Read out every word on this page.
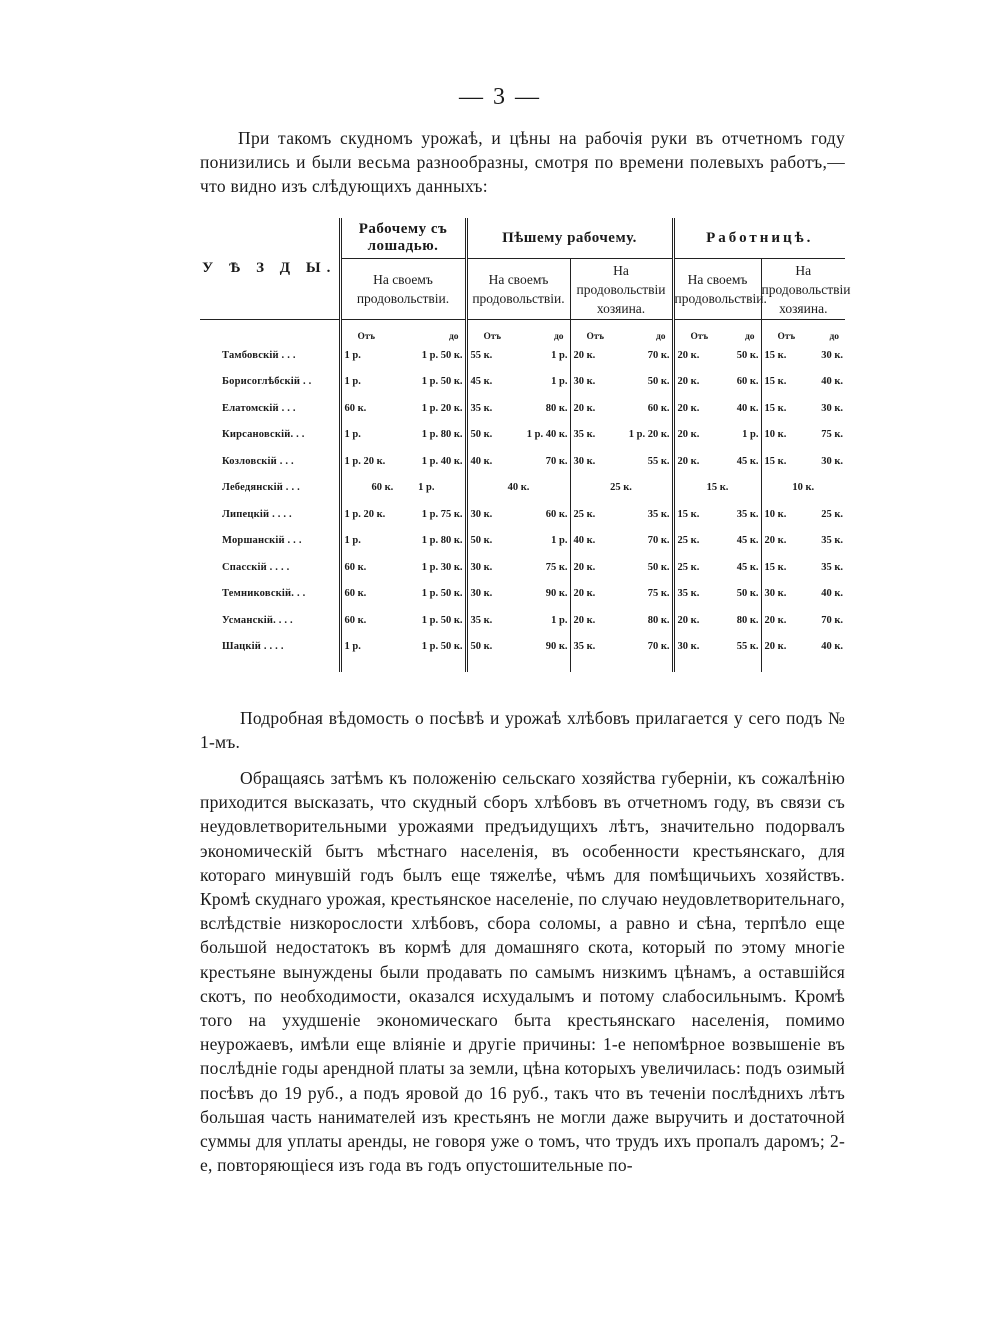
— 3 —
При такомъ скудномъ урожаѣ, и цѣны на рабочія руки въ отчетномъ году понизились и были весьма разнообразны, смотря по времени полевыхъ работъ,—что видно изъ слѣдующихъ данныхъ:
У Ѣ З Д Ы.	Рабочему съ лошадью.	Пѣшему рабочему.		Работницѣ.	
	На своемъ продовольствіи.	На своемъ продовольствіи.	На продовольствіи хозяина.	На своемъ продовольствіи.	На продовольствіи хозяина.

	Отъ до	Отъ до	Отъ до	Отъ до	Отъ до

Тамбовскій . . .	1 р. 1 р. 50 к.	55 к. 1 р.	20 к. 70 к.	20 к. 50 к.	15 к. 30 к.

Борисоглѣбскій . .	1 р. 1 р. 50 к.	45 к. 1 р.	30 к. 50 к.	20 к. 60 к.	15 к. 40 к.

Елатомскій . . .	60 к. 1 р. 20 к.	35 к. 80 к.	20 к. 60 к.	20 к. 40 к.	15 к. 30 к.

Кирсановскій. . .	1 р. 1 р. 80 к.	50 к. 1 р. 40 к.	35 к. 1 р. 20 к.	20 к. 1 р.	10 к. 75 к.

Козловскій . . .	1 р. 20 к. 1 р. 40 к.	40 к. 70 к.	30 к. 55 к.	20 к. 45 к.	15 к. 30 к.

Лебедянскій . . .	60 к. 1 р.	40 к.	25 к.	15 к.	10 к.

Липецкій . . . .	1 р. 20 к. 1 р. 75 к.	30 к. 60 к.	25 к. 35 к.	15 к. 35 к.	10 к. 25 к.

Моршанскій . . .	1 р. 1 р. 80 к.	50 к. 1 р.	40 к. 70 к.	25 к. 45 к.	20 к. 35 к.

Спасскій . . . .	60 к. 1 р. 30 к.	30 к. 75 к.	20 к. 50 к.	25 к. 45 к.	15 к. 35 к.

Темниковскій. . .	60 к. 1 р. 50 к.	30 к. 90 к.	20 к. 75 к.	35 к. 50 к.	30 к. 40 к.

Усманскій. . . .	60 к. 1 р. 50 к.	35 к. 1 р.	20 к. 80 к.	20 к. 80 к.	20 к. 70 к.

Шацкій . . . .	1 р. 1 р. 50 к.	50 к. 90 к.	35 к. 70 к.	30 к. 55 к.	20 к. 40 к.

Подробная вѣдомость о посѣвѣ и урожаѣ хлѣбовъ прилагается у сего подъ № 1-мъ.
Обращаясь затѣмъ къ положенію сельскаго хозяйства губерніи, къ сожалѣнію приходится высказать, что скудный сборъ хлѣбовъ въ отчетномъ году, въ связи съ неудовлетворительными урожаями предъидущихъ лѣтъ, значительно подорвалъ экономическій бытъ мѣстнаго населенія, въ особенности крестьянскаго, для котораго минувшій годъ былъ еще тяжелѣе, чѣмъ для помѣщичьихъ хозяйствъ. Кромѣ скуднаго урожая, крестьянское населеніе, по случаю неудовлетворительнаго, вслѣдствіе низкорослости хлѣбовъ, сбора соломы, а равно и сѣна, терпѣло еще большой недостатокъ въ кормѣ для домашняго скота, который по этому многіе крестьяне вынуждены были продавать по самымъ низкимъ цѣнамъ, а оставшійся скотъ, по необходимости, оказался исхудалымъ и потому слабосильнымъ. Кромѣ того на ухудшеніе экономическаго быта крестьянскаго населенія, помимо неурожаевъ, имѣли еще вліяніе и другіе причины: 1-е непомѣрное возвышеніе въ послѣдніе годы арендной платы за земли, цѣна которыхъ увеличилась: подъ озимый посѣвъ до 19 руб., а подъ яровой до 16 руб., такъ что въ теченіи послѣднихъ лѣтъ большая часть нанимателей изъ крестьянъ не могли даже выручить и достаточной суммы для уплаты аренды, не говоря уже о томъ, что трудъ ихъ пропалъ даромъ; 2-е, повторяющіеся изъ года въ годъ опустошительные по-
